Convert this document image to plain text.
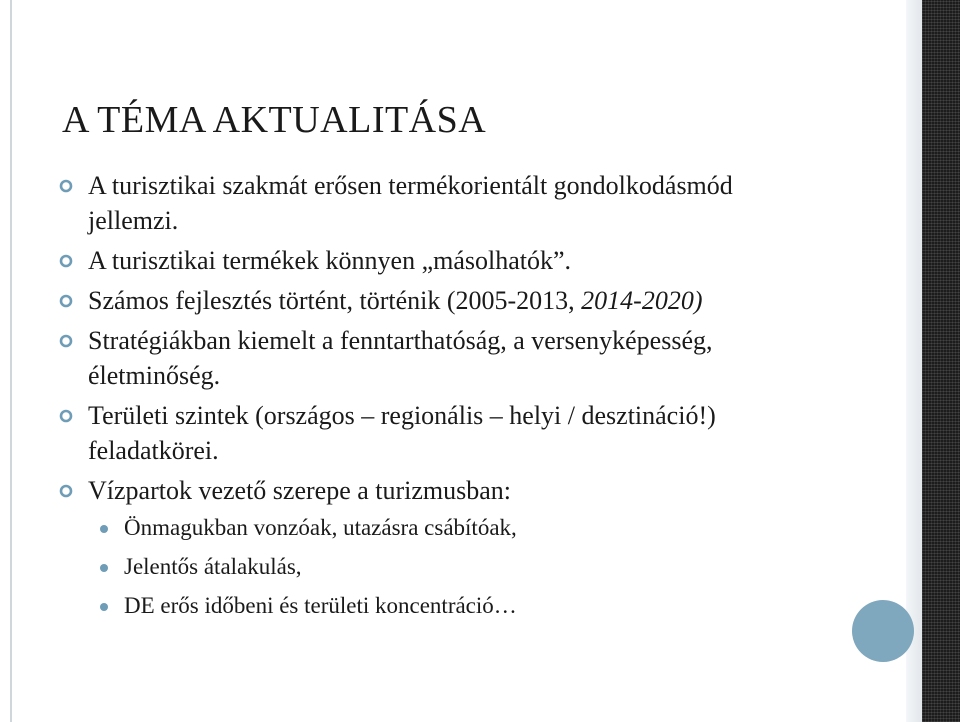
A TÉMA AKTUALITÁSA
A turisztikai szakmát erősen termékorientált gondolkodásmód jellemzi.
A turisztikai termékek könnyen „másolhatók”.
Számos fejlesztés történt, történik (2005-2013, 2014-2020)
Stratégiákban kiemelt a fenntarthatóság, a versenyképesség, életminőség.
Területi szintek (országos – regionális – helyi / desztináció!) feladatkörei.
Vízpartok vezető szerepe a turizmusban:
Önmagukban vonzóak, utazásra csábítóak,
Jelentős átalakulás,
DE erős időbeni és területi koncentráció…
